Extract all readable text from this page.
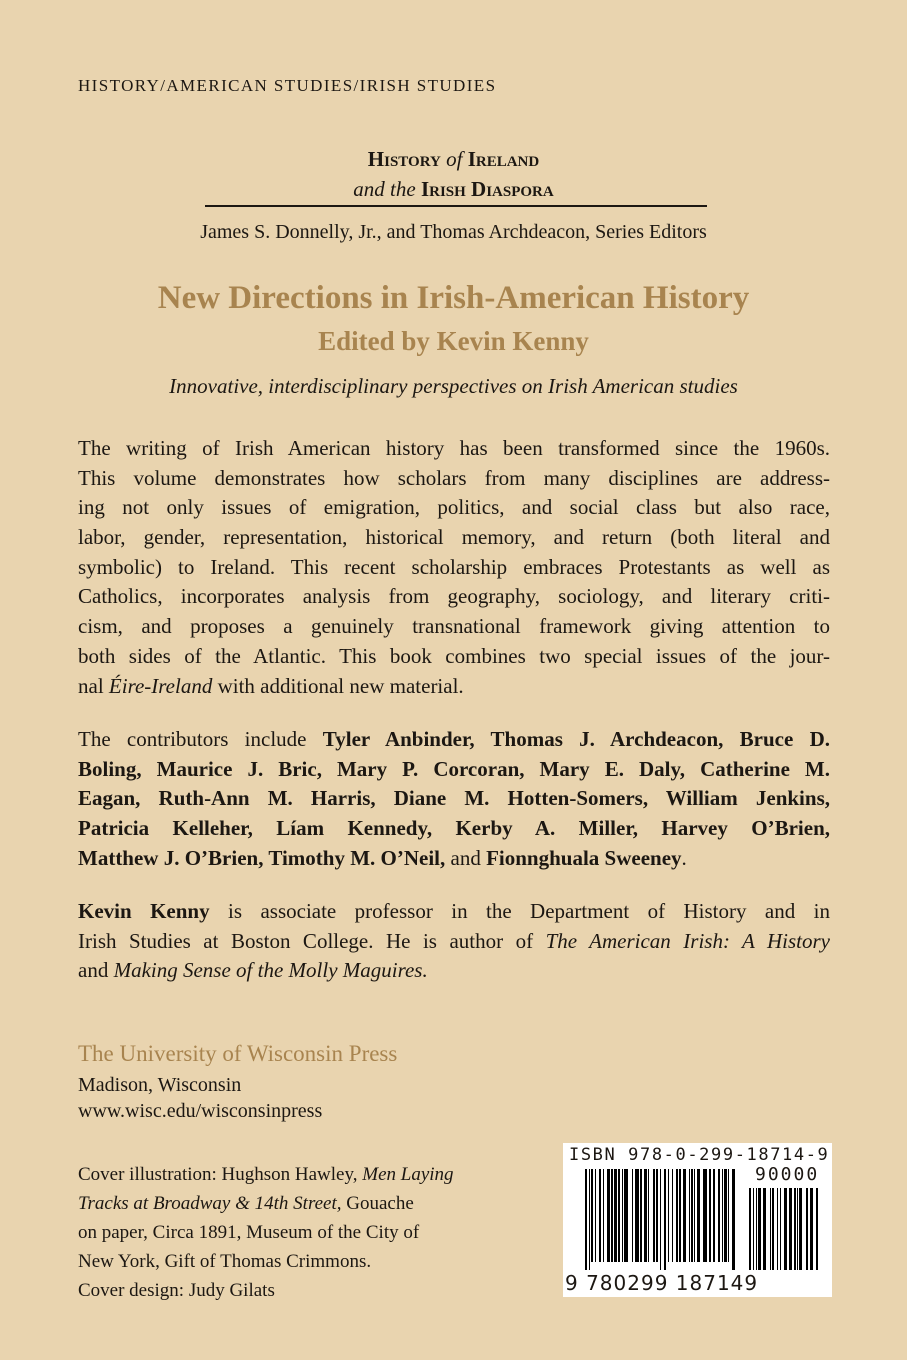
HISTORY/AMERICAN STUDIES/IRISH STUDIES
History of Ireland
and the Irish Diaspora
James S. Donnelly, Jr., and Thomas Archdeacon, Series Editors
New Directions in Irish-American History
Edited by Kevin Kenny
Innovative, interdisciplinary perspectives on Irish American studies
The writing of Irish American history has been transformed since the 1960s.
This volume demonstrates how scholars from many disciplines are address-
ing not only issues of emigration, politics, and social class but also race,
labor, gender, representation, historical memory, and return (both literal and
symbolic) to Ireland. This recent scholarship embraces Protestants as well as
Catholics, incorporates analysis from geography, sociology, and literary criti-
cism, and proposes a genuinely transnational framework giving attention to
both sides of the Atlantic. This book combines two special issues of the jour-
nal Éire-Ireland with additional new material.
The contributors include Tyler Anbinder, Thomas J. Archdeacon, Bruce D.
Boling, Maurice J. Bric, Mary P. Corcoran, Mary E. Daly, Catherine M.
Eagan, Ruth-Ann M. Harris, Diane M. Hotten-Somers, William Jenkins,
Patricia Kelleher, Líam Kennedy, Kerby A. Miller, Harvey O’Brien,
Matthew J. O’Brien, Timothy M. O’Neil, and Fionnghuala Sweeney.
Kevin Kenny is associate professor in the Department of History and in
Irish Studies at Boston College. He is author of The American Irish: A History
and Making Sense of the Molly Maguires.
The University of Wisconsin Press
Madison, Wisconsin
www.wisc.edu/wisconsinpress
Cover illustration: Hughson Hawley, Men Laying
Tracks at Broadway & 14th Street, Gouache
on paper, Circa 1891, Museum of the City of
New York, Gift of Thomas Crimmons.
Cover design: Judy Gilats
ISBN 978-0-299-18714-9
90000
9 780299 187149
